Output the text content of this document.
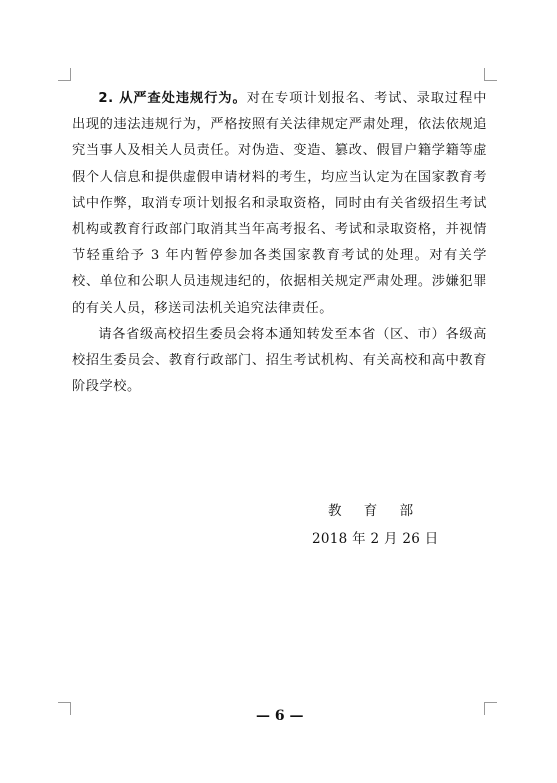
2. 从严查处违规行为。对在专项计划报名、考试、录取过程中出现的违法违规行为，严格按照有关法律规定严肃处理，依法依规追究当事人及相关人员责任。对伪造、变造、篡改、假冒户籍学籍等虚假个人信息和提供虚假申请材料的考生，均应当认定为在国家教育考试中作弊，取消专项计划报名和录取资格，同时由有关省级招生考试机构或教育行政部门取消其当年高考报名、考试和录取资格，并视情节轻重给予 3 年内暂停参加各类国家教育考试的处理。对有关学校、单位和公职人员违规违纪的，依据相关规定严肃处理。涉嫌犯罪的有关人员，移送司法机关追究法律责任。

请各省级高校招生委员会将本通知转发至本省（区、市）各级高校招生委员会、教育行政部门、招生考试机构、有关高校和高中教育阶段学校。

教 育 部
2018 年 2 月 26 日
— 6 —
